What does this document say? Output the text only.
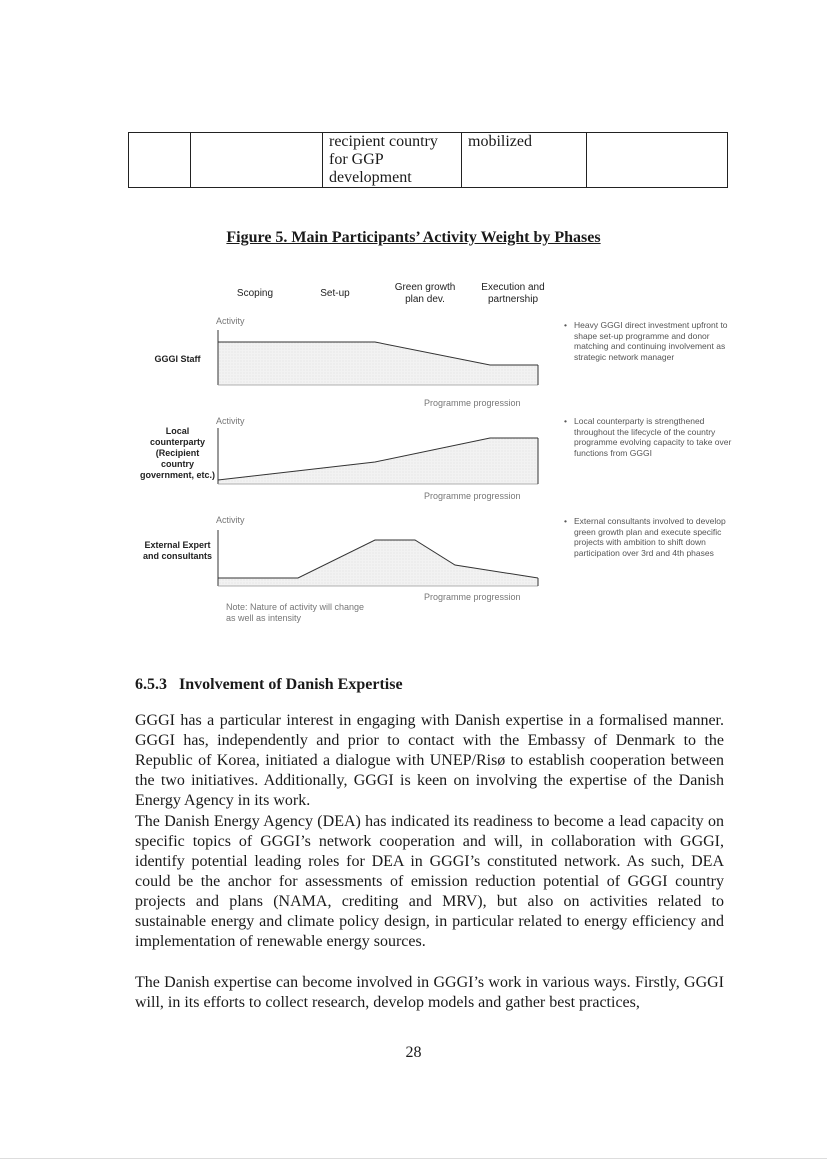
		recipient country
for GGP
development	mobilized	
Figure 5. Main Participants’ Activity Weight by Phases
Scoping	Set-up
Green growth plan dev.
Execution and partnership
GGGI Staff
Local counterparty (Recipient country government, etc.)
External Expert and consultants
Activity
Activity
Activity
Programme progression
Programme progression
Programme progression
Note: Nature of activity will change as well as intensity
• Heavy GGGI direct investment upfront to shape set-up programme and donor matching and continuing involvement as strategic network manager
• Local counterparty is strengthened throughout the lifecycle of the country programme evolving capacity to take over functions from GGGI
• External consultants involved to develop green growth plan and execute specific projects with ambition to shift down participation over 3rd and 4th phases
6.5.3   Involvement of Danish Expertise
GGGI has a particular interest in engaging with Danish expertise in a formalised manner. GGGI has, independently and prior to contact with the Embassy of Denmark to the Republic of Korea, initiated a dialogue with UNEP/Risø to establish cooperation between the two initiatives. Additionally, GGGI is keen on involving the expertise of the Danish Energy Agency in its work.
The Danish Energy Agency (DEA) has indicated its readiness to become a lead capacity on specific topics of GGGI’s network cooperation and will, in collaboration with GGGI, identify potential leading roles for DEA in GGGI’s constituted network. As such, DEA could be the anchor for assessments of emission reduction potential of GGGI country projects and plans (NAMA, crediting and MRV), but also on activities related to sustainable energy and climate policy design, in particular related to energy efficiency and implementation of renewable energy sources.
The Danish expertise can become involved in GGGI’s work in various ways. Firstly, GGGI will, in its efforts to collect research, develop models and gather best practices,
28
